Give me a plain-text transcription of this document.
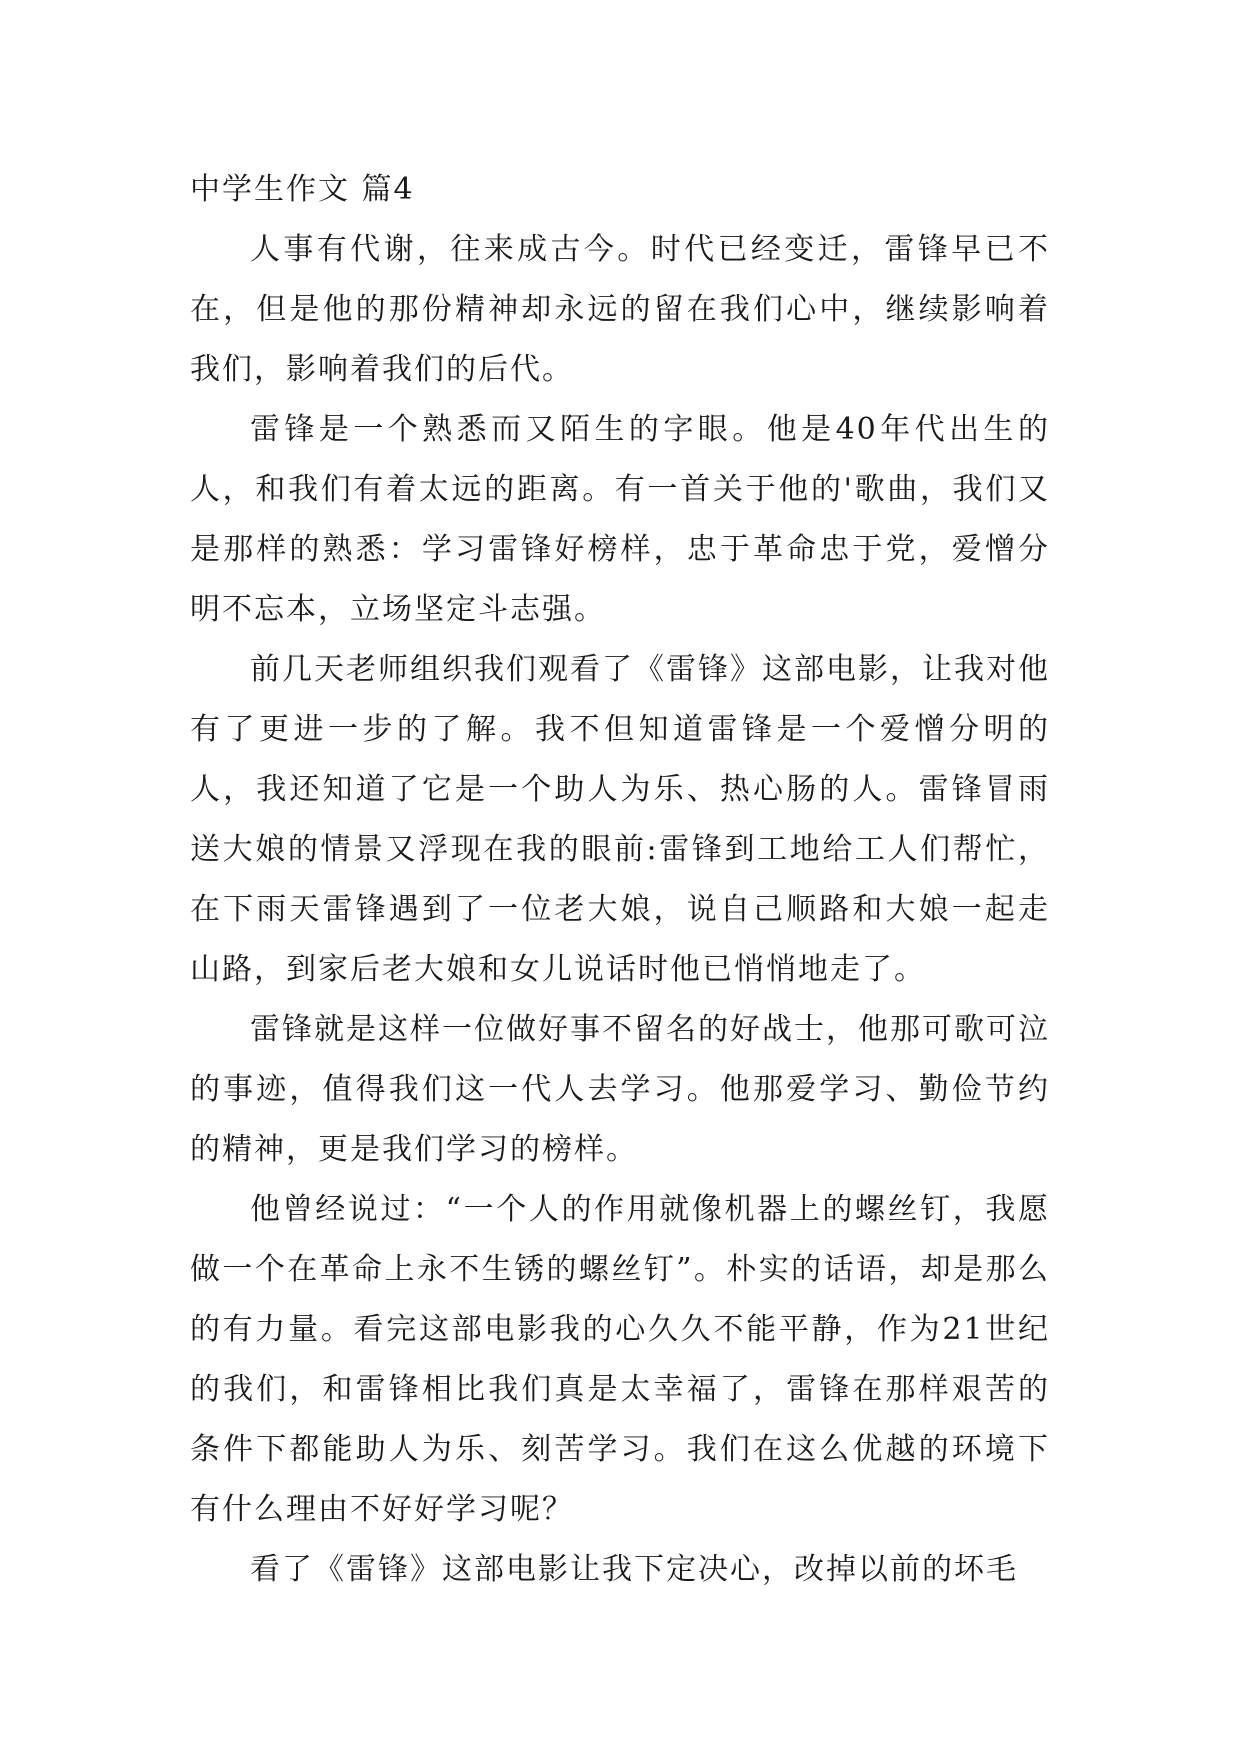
中学生作文 篇4

人事有代谢，往来成古今。时代已经变迁，雷锋早已不在，但是他的那份精神却永远的留在我们心中，继续影响着我们，影响着我们的后代。

雷锋是一个熟悉而又陌生的字眼。他是40年代出生的人，和我们有着太远的距离。有一首关于他的'歌曲，我们又是那样的熟悉：学习雷锋好榜样，忠于革命忠于党，爱憎分明不忘本，立场坚定斗志强。

前几天老师组织我们观看了《雷锋》这部电影，让我对他有了更进一步的了解。我不但知道雷锋是一个爱憎分明的人，我还知道了它是一个助人为乐、热心肠的人。雷锋冒雨送大娘的情景又浮现在我的眼前:雷锋到工地给工人们帮忙，在下雨天雷锋遇到了一位老大娘，说自己顺路和大娘一起走山路，到家后老大娘和女儿说话时他已悄悄地走了。

雷锋就是这样一位做好事不留名的好战士，他那可歌可泣的事迹，值得我们这一代人去学习。他那爱学习、勤俭节约的精神，更是我们学习的榜样。

他曾经说过：“一个人的作用就像机器上的螺丝钉，我愿做一个在革命上永不生锈的螺丝钉”。朴实的话语，却是那么的有力量。看完这部电影我的心久久不能平静，作为21世纪的我们，和雷锋相比我们真是太幸福了，雷锋在那样艰苦的条件下都能助人为乐、刻苦学习。我们在这么优越的环境下有什么理由不好好学习呢？

看了《雷锋》这部电影让我下定决心，改掉以前的坏毛
